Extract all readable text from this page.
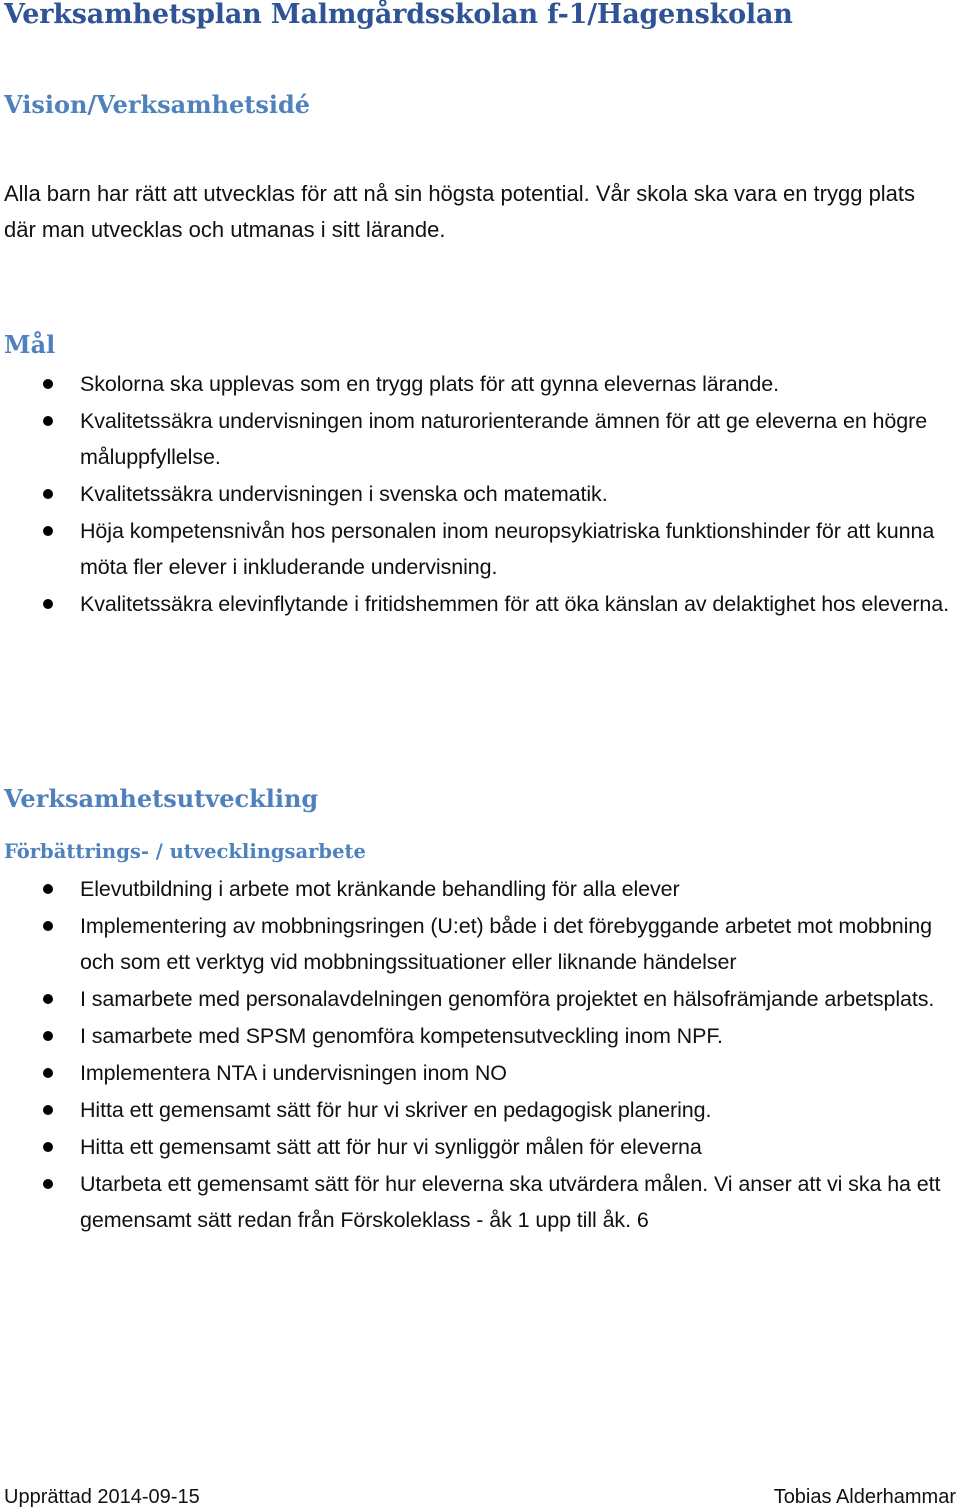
Verksamhetsplan Malmgårdsskolan f-1/Hagenskolan
Vision/Verksamhetsidé

Alla barn har rätt att utvecklas för att nå sin högsta potential. Vår skola ska vara en trygg plats där man utvecklas och utmanas i sitt lärande.

Mål
Skolorna ska upplevas som en trygg plats för att gynna elevernas lärande.
Kvalitetssäkra undervisningen inom naturorienterande ämnen för att ge eleverna en högre måluppfyllelse.
Kvalitetssäkra undervisningen i svenska och matematik.
Höja kompetensnivån hos personalen inom neuropsykiatriska funktionshinder för att kunna möta fler elever i inkluderande undervisning.
Kvalitetssäkra elevinflytande i fritidshemmen för att öka känslan av delaktighet hos eleverna.
Verksamhetsutveckling
Förbättrings- / utvecklingsarbete
Elevutbildning i arbete mot kränkande behandling för alla elever
Implementering av mobbningsringen (U:et) både i det förebyggande arbetet mot mobbning och som ett verktyg vid mobbningssituationer eller liknande händelser
I samarbete med personalavdelningen genomföra projektet en hälsofrämjande arbetsplats.
I samarbete med SPSM genomföra kompetensutveckling inom NPF.
Implementera NTA i undervisningen inom NO
Hitta ett gemensamt sätt för hur vi skriver en pedagogisk planering.
Hitta ett gemensamt sätt att för hur vi synliggör målen för eleverna
Utarbeta ett gemensamt sätt för hur eleverna ska utvärdera målen. Vi anser att vi ska ha ett gemensamt sätt redan från Förskoleklass - åk 1 upp till åk. 6
Upprättad 2014-09-15	Tobias Alderhammar
